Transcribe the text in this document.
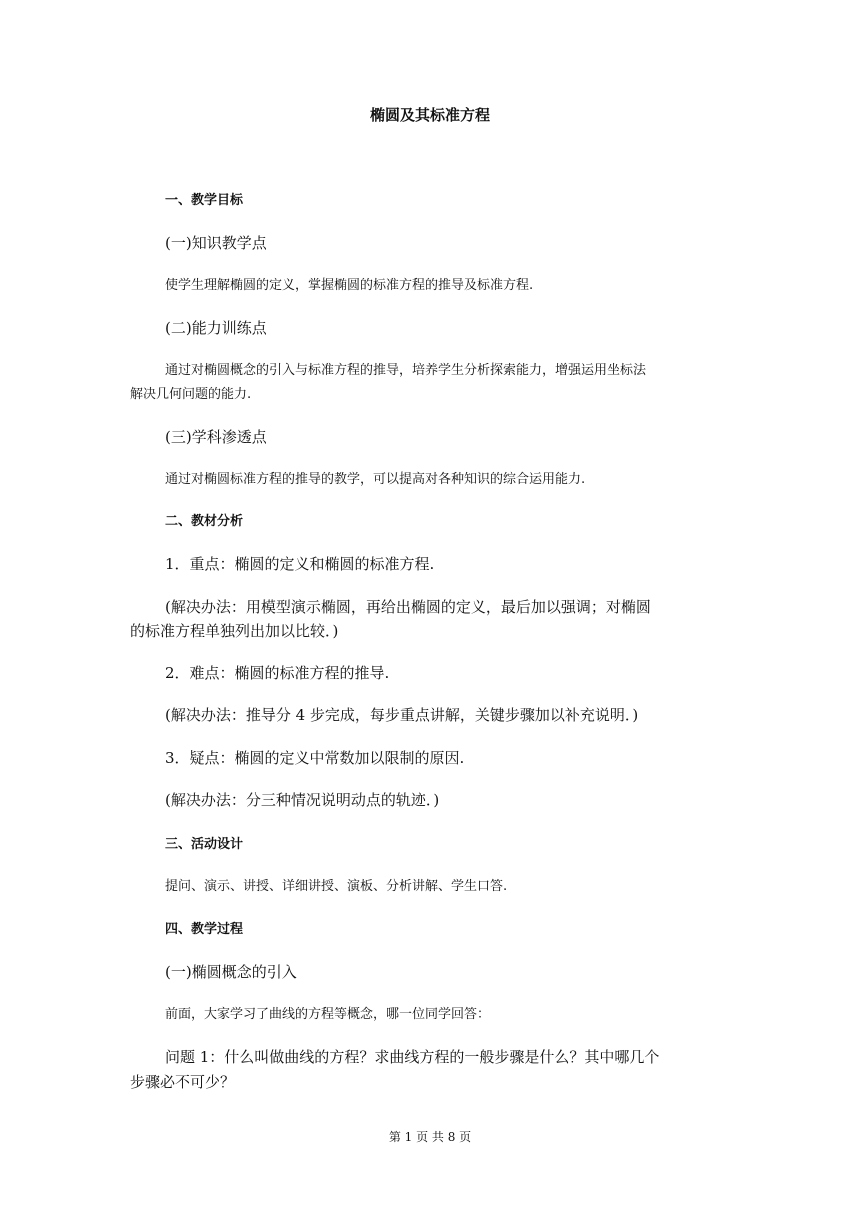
椭圆及其标准方程
一、教学目标
(一)知识教学点
使学生理解椭圆的定义，掌握椭圆的标准方程的推导及标准方程.
(二)能力训练点
通过对椭圆概念的引入与标准方程的推导，培养学生分析探索能力，增强运用坐标法
解决几何问题的能力.
(三)学科渗透点
通过对椭圆标准方程的推导的教学，可以提高对各种知识的综合运用能力.
二、教材分析
1．重点：椭圆的定义和椭圆的标准方程.
(解决办法：用模型演示椭圆，再给出椭圆的定义，最后加以强调；对椭圆
的标准方程单独列出加以比较．)
2．难点：椭圆的标准方程的推导.
(解决办法：推导分 4 步完成，每步重点讲解，关键步骤加以补充说明．)
3．疑点：椭圆的定义中常数加以限制的原因.
(解决办法：分三种情况说明动点的轨迹．)
三、活动设计
提问、演示、讲授、详细讲授、演板、分析讲解、学生口答.
四、教学过程
(一)椭圆概念的引入
前面，大家学习了曲线的方程等概念，哪一位同学回答：
问题 1：什么叫做曲线的方程？求曲线方程的一般步骤是什么？其中哪几个
步骤必不可少？
第 1 页 共 8 页
